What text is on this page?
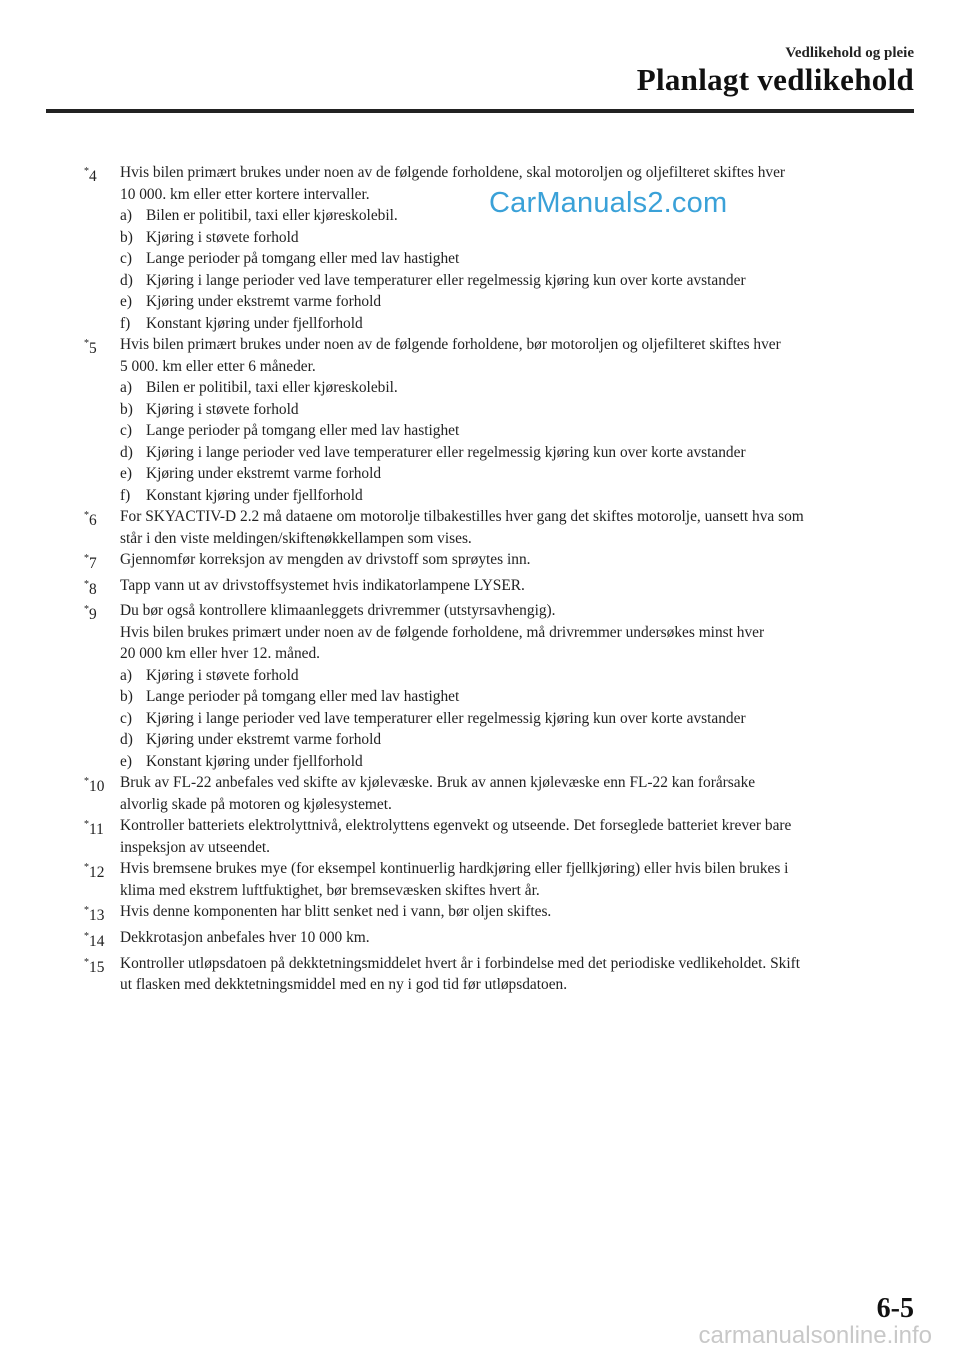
Vedlikehold og pleie
Planlagt vedlikehold
CarManuals2.com
*4	Hvis bilen primært brukes under noen av de følgende forholdene, skal motoroljen og oljefilteret skiftes hver
10 000. km eller etter kortere intervaller.
a) Bilen er politibil, taxi eller kjøreskolebil.
b) Kjøring i støvete forhold
c) Lange perioder på tomgang eller med lav hastighet
d) Kjøring i lange perioder ved lave temperaturer eller regelmessig kjøring kun over korte avstander
e) Kjøring under ekstremt varme forhold
f)	Konstant kjøring under fjellforhold
*5	Hvis bilen primært brukes under noen av de følgende forholdene, bør motoroljen og oljefilteret skiftes hver
5 000. km eller etter 6 måneder.
a) Bilen er politibil, taxi eller kjøreskolebil.
b) Kjøring i støvete forhold
c) Lange perioder på tomgang eller med lav hastighet
d) Kjøring i lange perioder ved lave temperaturer eller regelmessig kjøring kun over korte avstander
e) Kjøring under ekstremt varme forhold
f)	Konstant kjøring under fjellforhold
*6	For SKYACTIV-D 2.2 må dataene om motorolje tilbakestilles hver gang det skiftes motorolje, uansett hva som
står i den viste meldingen/skiftenøkkellampen som vises.
*7	Gjennomfør korreksjon av mengden av drivstoff som sprøytes inn.
*8	Tapp vann ut av drivstoffsystemet hvis indikatorlampene LYSER.
*9	Du bør også kontrollere klimaanleggets drivremmer (utstyrsavhengig).
Hvis bilen brukes primært under noen av de følgende forholdene, må drivremmer undersøkes minst hver
20 000 km eller hver 12. måned.
a) Kjøring i støvete forhold
b) Lange perioder på tomgang eller med lav hastighet
c) Kjøring i lange perioder ved lave temperaturer eller regelmessig kjøring kun over korte avstander
d) Kjøring under ekstremt varme forhold
e) Konstant kjøring under fjellforhold
*10	Bruk av FL-22 anbefales ved skifte av kjølevæske. Bruk av annen kjølevæske enn FL-22 kan forårsake
alvorlig skade på motoren og kjølesystemet.
*11	Kontroller batteriets elektrolyttnivå, elektrolyttens egenvekt og utseende. Det forseglede batteriet krever bare
inspeksjon av utseendet.
*12	Hvis bremsene brukes mye (for eksempel kontinuerlig hardkjøring eller fjellkjøring) eller hvis bilen brukes i
klima med ekstrem luftfuktighet, bør bremsevæsken skiftes hvert år.
*13	Hvis denne komponenten har blitt senket ned i vann, bør oljen skiftes.
*14	Dekkrotasjon anbefales hver 10 000 km.
*15	Kontroller utløpsdatoen på dekktetningsmiddelet hvert år i forbindelse med det periodiske vedlikeholdet. Skift
ut flasken med dekktetningsmiddel med en ny i god tid før utløpsdatoen.
6-5
carmanualsonline.info
